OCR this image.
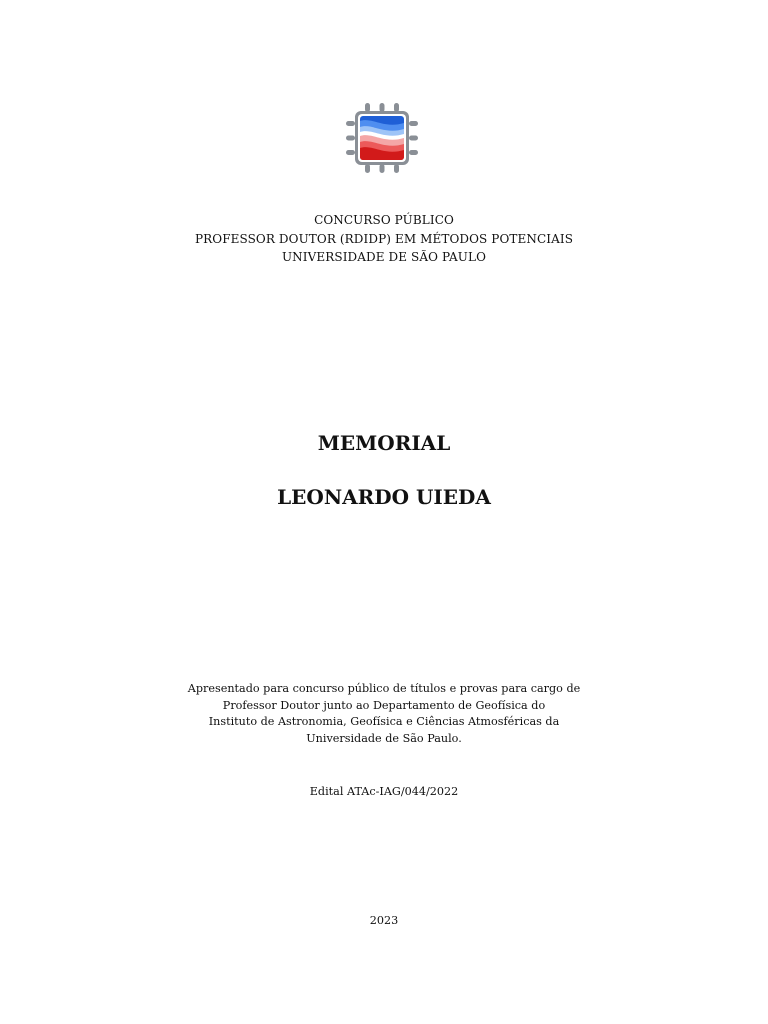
CONCURSO PÚBLICO
PROFESSOR DOUTOR (RDIDP) EM MÉTODOS POTENCIAIS
UNIVERSIDADE DE SÃO PAULO
MEMORIAL
LEONARDO UIEDA
Apresentado para concurso público de títulos e provas para cargo de
Professor Doutor junto ao Departamento de Geofísica do
Instituto de Astronomia, Geofísica e Ciências Atmosféricas da
Universidade de São Paulo.
Edital ATAc-IAG/044/2022
2023
